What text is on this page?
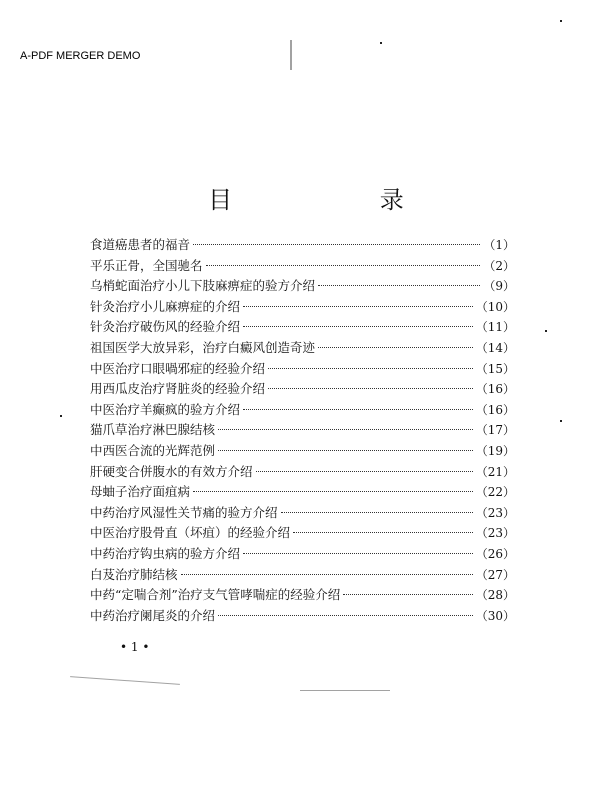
A-PDF MERGER DEMO
目 录
食道癌患者的福音	（1）
平乐正骨，全国驰名	（2）
乌梢蛇面治疗小儿下肢麻痹症的验方介绍	（9）
针灸治疗小儿麻痹症的介绍	（10）
针灸治疗破伤风的经验介绍	（11）
祖国医学大放异彩，治疗白癜风创造奇迹	（14）
中医治疗口眼喎邪症的经验介绍	（15）
用西瓜皮治疗肾脏炎的经验介绍	（16）
中医治疗羊癫疯的验方介绍	（16）
猫爪草治疗淋巴腺结核	（17）
中西医合流的光辉范例	（19）
肝硬变合併腹水的有效方介绍	（21）
母蚰子治疗面疽病	（22）
中药治疗风湿性关节痛的验方介绍	（23）
中医治疗股骨直（坏疽）的经验介绍	（23）
中药治疗钩虫病的验方介绍	（26）
白芨治疗肺结核	（27）
中药“定喘合剂”治疗支气管哮喘症的经验介绍	（28）
中药治疗阑尾炎的介绍	（30）
• 1 •
